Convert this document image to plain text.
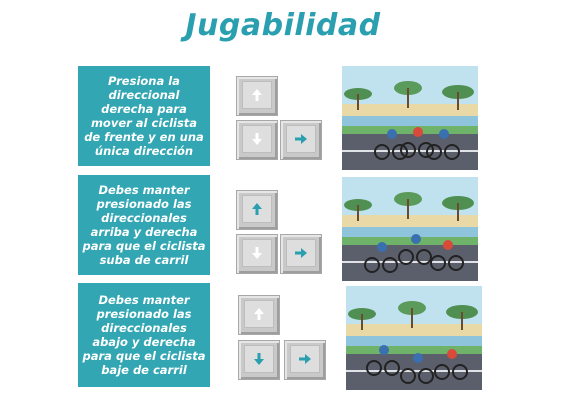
Jugabilidad
Presiona la direccional derecha para mover al ciclista de frente y en una única dirección
Debes manter presionado las direccionales arriba y derecha para que el ciclista suba de carril
Debes manter presionado las direccionales abajo y derecha para que el ciclista baje de carril
